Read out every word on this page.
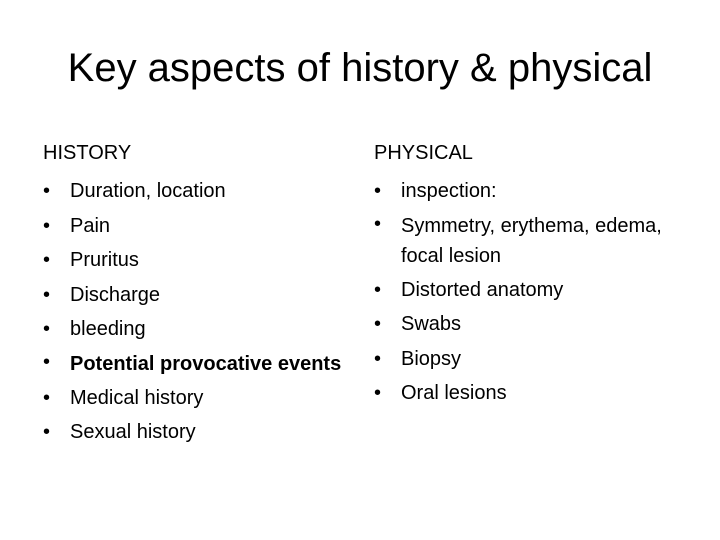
Key aspects of history & physical
HISTORY
• Duration, location
• Pain
• Pruritus
• Discharge
• bleeding
• Potential provocative events
• Medical history
• Sexual history
PHYSICAL
• inspection:
• Symmetry, erythema, edema, focal lesion
• Distorted anatomy
• Swabs
• Biopsy
• Oral lesions
